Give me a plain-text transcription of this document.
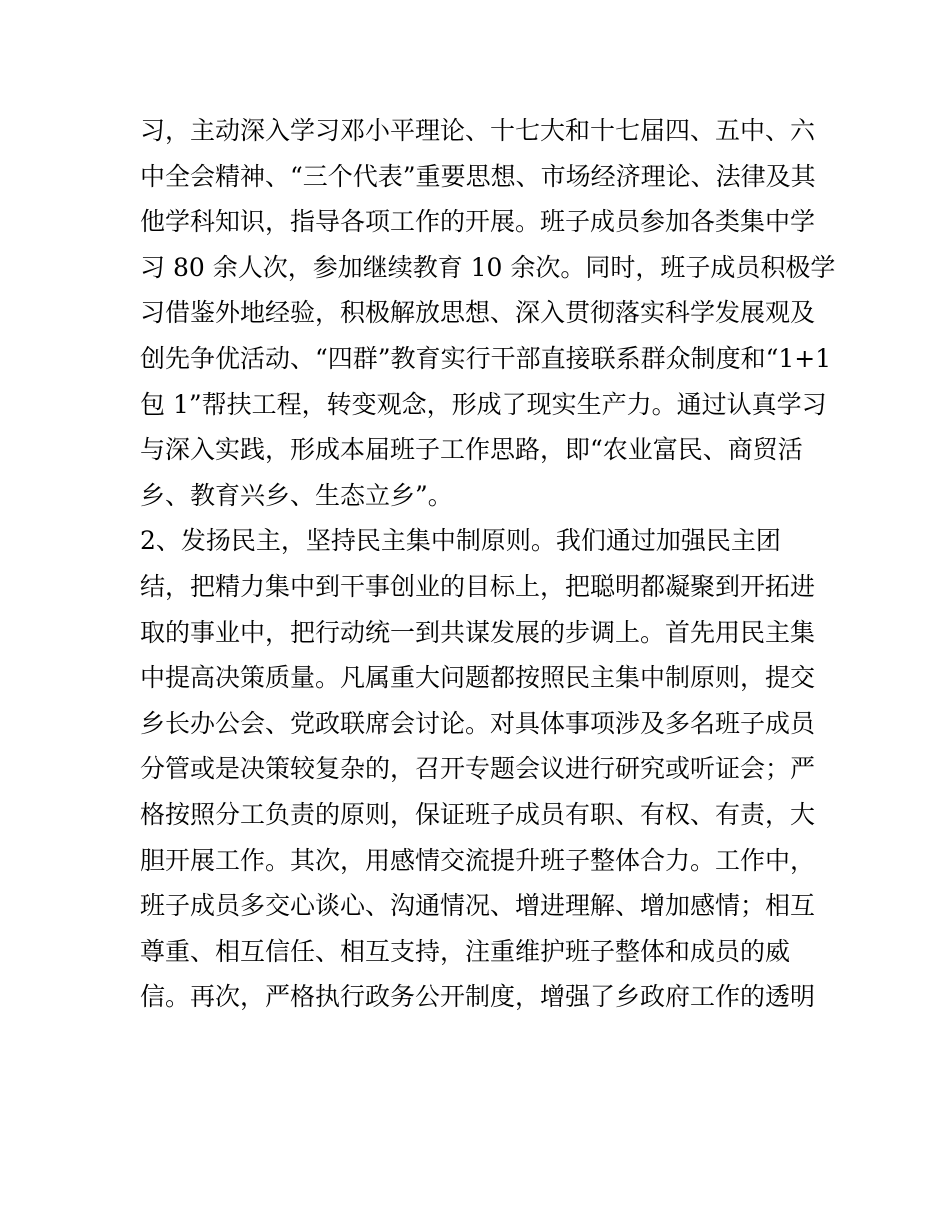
习，主动深入学习邓小平理论、十七大和十七届四、五中、六
中全会精神、“三个代表”重要思想、市场经济理论、法律及其
他学科知识，指导各项工作的开展。班子成员参加各类集中学
习 80 余人次，参加继续教育 10 余次。同时，班子成员积极学
习借鉴外地经验，积极解放思想、深入贯彻落实科学发展观及
创先争优活动、“四群”教育实行干部直接联系群众制度和“1+1
包 1”帮扶工程，转变观念，形成了现实生产力。通过认真学习
与深入实践，形成本届班子工作思路，即“农业富民、商贸活
乡、教育兴乡、生态立乡”。
2、发扬民主，坚持民主集中制原则。我们通过加强民主团
结，把精力集中到干事创业的目标上，把聪明都凝聚到开拓进
取的事业中，把行动统一到共谋发展的步调上。首先用民主集
中提高决策质量。凡属重大问题都按照民主集中制原则，提交
乡长办公会、党政联席会讨论。对具体事项涉及多名班子成员
分管或是决策较复杂的，召开专题会议进行研究或听证会；严
格按照分工负责的原则，保证班子成员有职、有权、有责，大
胆开展工作。其次，用感情交流提升班子整体合力。工作中，
班子成员多交心谈心、沟通情况、增进理解、增加感情；相互
尊重、相互信任、相互支持，注重维护班子整体和成员的威
信。再次，严格执行政务公开制度，增强了乡政府工作的透明
